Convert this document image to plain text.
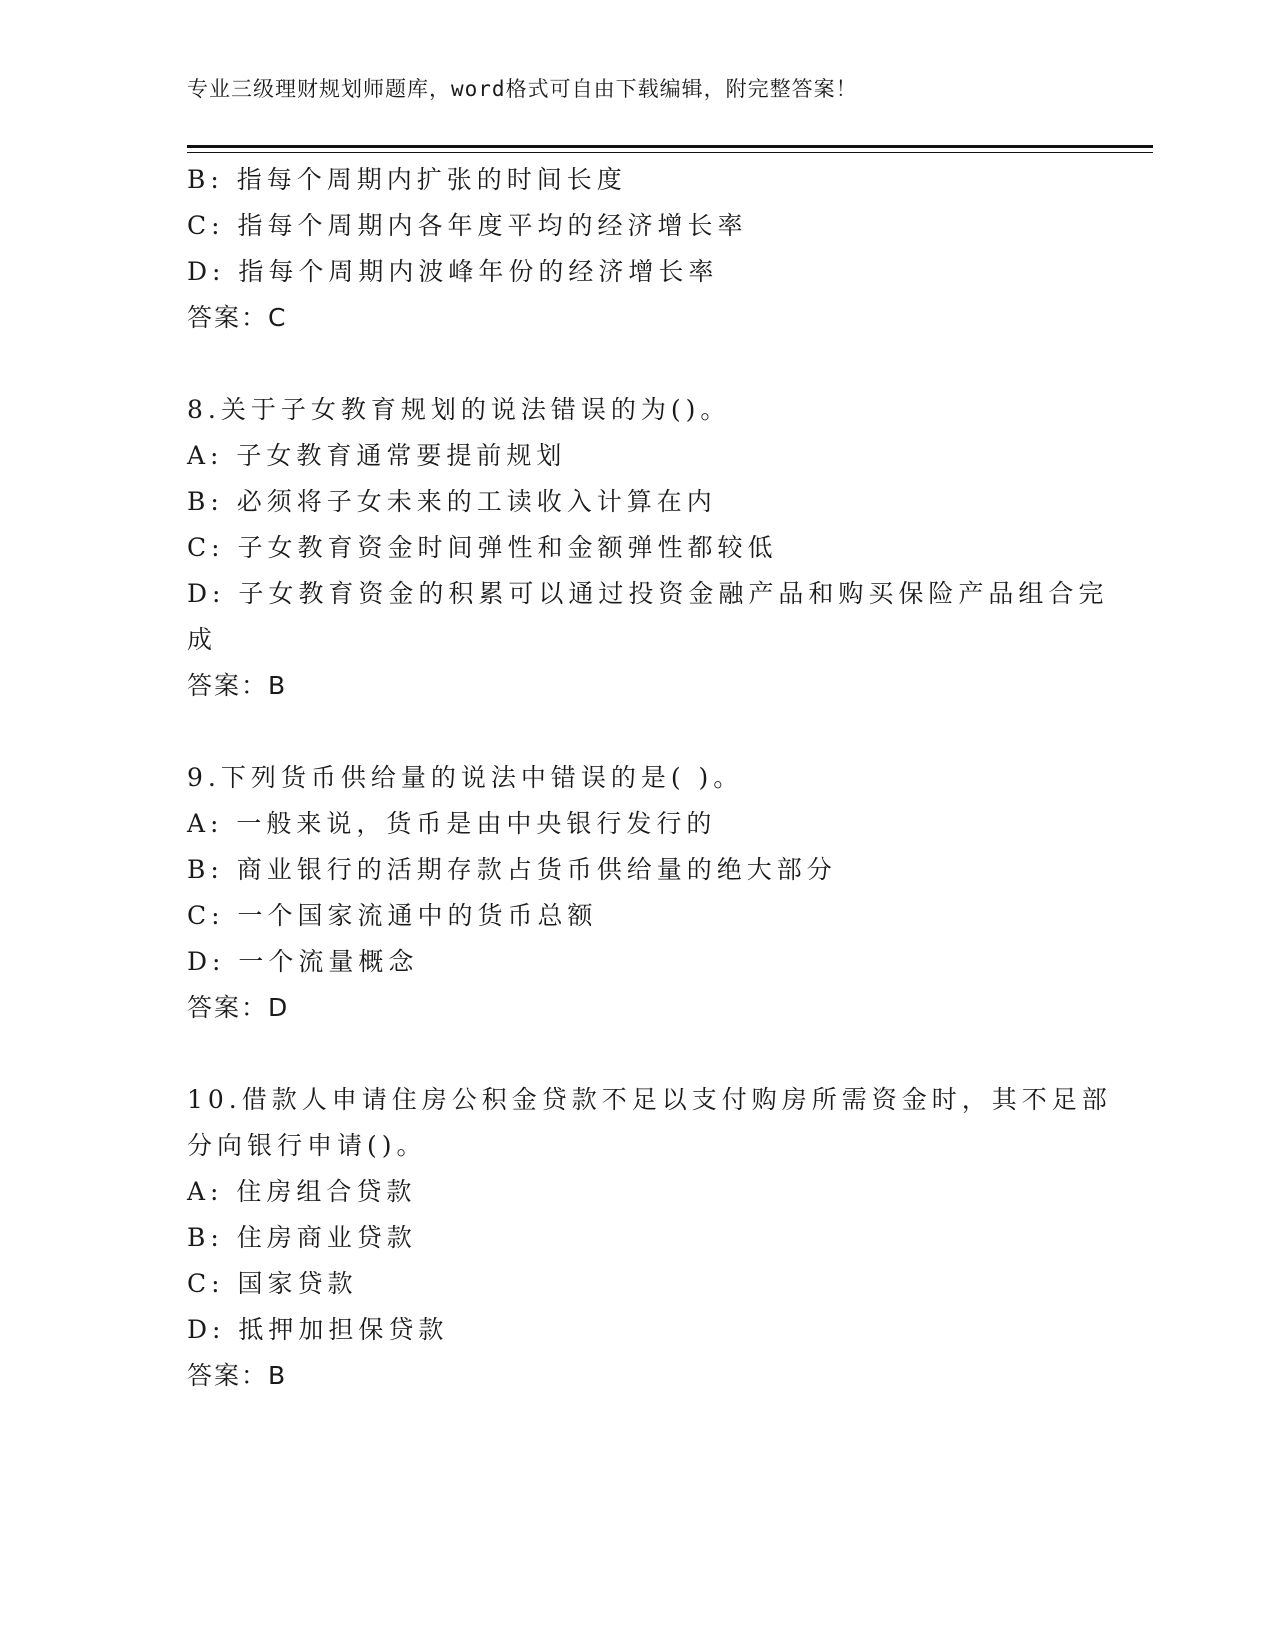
专业三级理财规划师题库，word格式可自由下载编辑，附完整答案！
B: 指每个周期内扩张的时间长度
C: 指每个周期内各年度平均的经济增长率
D: 指每个周期内波峰年份的经济增长率
答案：C
8.关于子女教育规划的说法错误的为()。
A: 子女教育通常要提前规划
B: 必须将子女未来的工读收入计算在内
C: 子女教育资金时间弹性和金额弹性都较低
D: 子女教育资金的积累可以通过投资金融产品和购买保险产品组合完
成
答案：B
9.下列货币供给量的说法中错误的是( )。
A: 一般来说，货币是由中央银行发行的
B: 商业银行的活期存款占货币供给量的绝大部分
C: 一个国家流通中的货币总额
D: 一个流量概念
答案：D
10.借款人申请住房公积金贷款不足以支付购房所需资金时，其不足部
分向银行申请()。
A: 住房组合贷款
B: 住房商业贷款
C: 国家贷款
D: 抵押加担保贷款
答案：B
